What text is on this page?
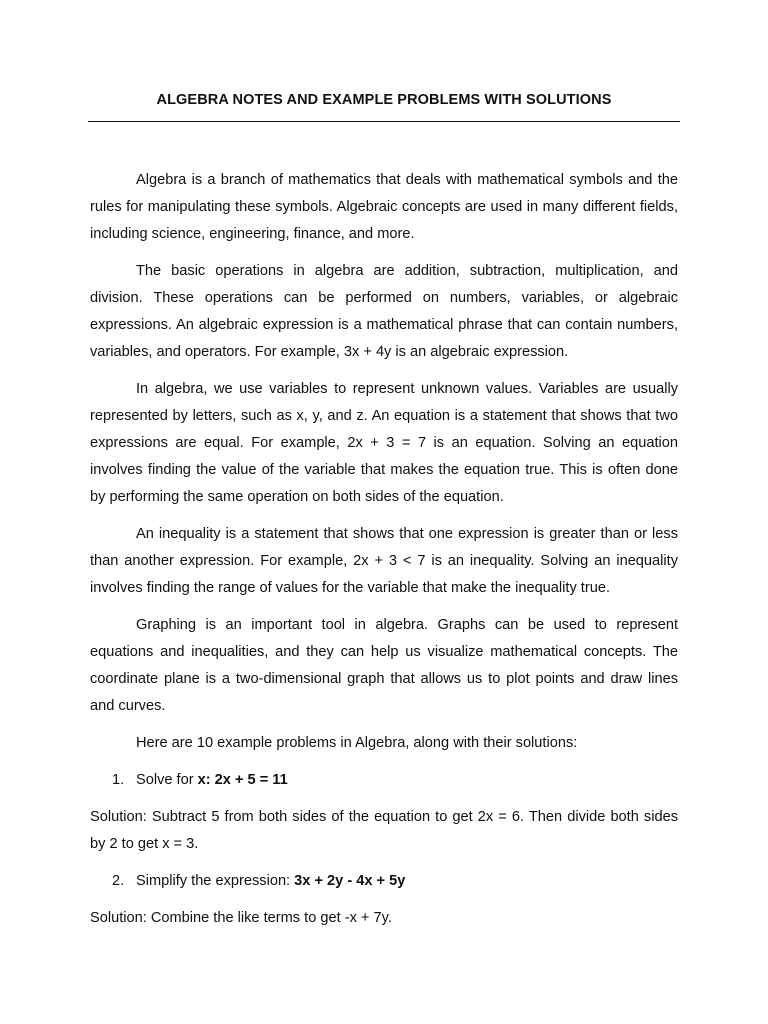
ALGEBRA NOTES AND EXAMPLE PROBLEMS WITH SOLUTIONS

Algebra is a branch of mathematics that deals with mathematical symbols and the rules for manipulating these symbols. Algebraic concepts are used in many different fields, including science, engineering, finance, and more.

The basic operations in algebra are addition, subtraction, multiplication, and division. These operations can be performed on numbers, variables, or algebraic expressions. An algebraic expression is a mathematical phrase that can contain numbers, variables, and operators. For example, 3x + 4y is an algebraic expression.

In algebra, we use variables to represent unknown values. Variables are usually represented by letters, such as x, y, and z. An equation is a statement that shows that two expressions are equal. For example, 2x + 3 = 7 is an equation. Solving an equation involves finding the value of the variable that makes the equation true. This is often done by performing the same operation on both sides of the equation.

An inequality is a statement that shows that one expression is greater than or less than another expression. For example, 2x + 3 < 7 is an inequality. Solving an inequality involves finding the range of values for the variable that make the inequality true.

Graphing is an important tool in algebra. Graphs can be used to represent equations and inequalities, and they can help us visualize mathematical concepts. The coordinate plane is a two-dimensional graph that allows us to plot points and draw lines and curves.

Here are 10 example problems in Algebra, along with their solutions:

1. Solve for x: 2x + 5 = 11

Solution: Subtract 5 from both sides of the equation to get 2x = 6. Then divide both sides by 2 to get x = 3.

2. Simplify the expression: 3x + 2y - 4x + 5y

Solution: Combine the like terms to get -x + 7y.
